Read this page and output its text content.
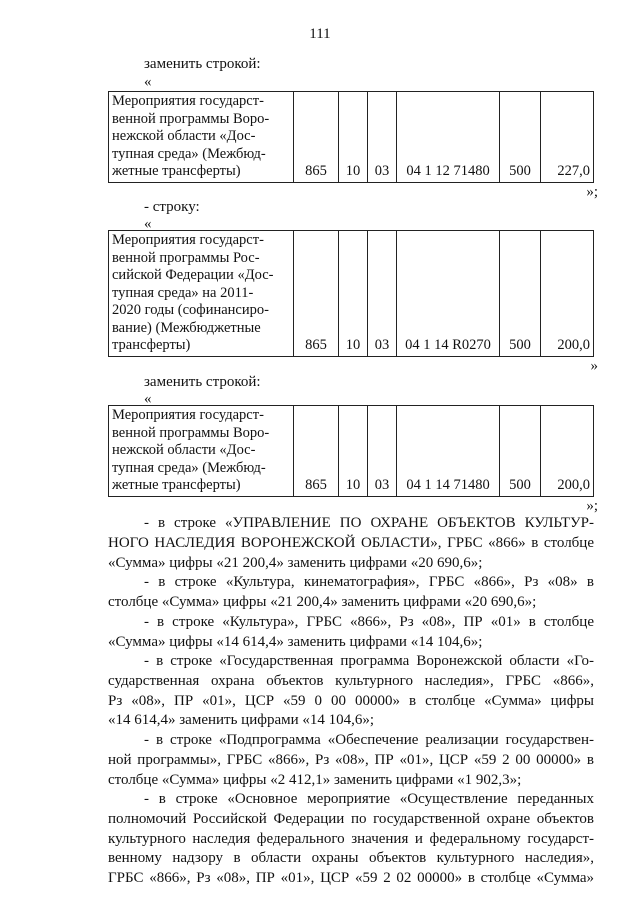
111
заменить строкой:
«
Мероприятия государст-
венной программы Воро-
нежской области «Дос-
тупная среда» (Межбюд-
жетные трансферты)	865	10	03	04 1 12 71480	500	227,0
»;
- строку:
«
Мероприятия государст-
венной программы Рос-
сийской Федерации «Дос-
тупная среда» на 2011-
2020 годы (софинансиро-
вание) (Межбюджетные
трансферты)	865	10	03	04 1 14 R0270	500	200,0
»
заменить строкой:
«
Мероприятия государст-
венной программы Воро-
нежской области «Дос-
тупная среда» (Межбюд-
жетные трансферты)	865	10	03	04 1 14 71480	500	200,0
»;
- в строке «УПРАВЛЕНИЕ ПО ОХРАНЕ ОБЪЕКТОВ КУЛЬТУР-
НОГО НАСЛЕДИЯ ВОРОНЕЖСКОЙ ОБЛАСТИ», ГРБС «866» в столбце
«Сумма» цифры «21 200,4» заменить цифрами «20 690,6»;
- в строке «Культура, кинематография», ГРБС «866», Рз «08» в
столбце «Сумма» цифры «21 200,4» заменить цифрами «20 690,6»;
- в строке «Культура», ГРБС «866», Рз «08», ПР «01» в столбце
«Сумма» цифры «14 614,4» заменить цифрами «14 104,6»;
- в строке «Государственная программа Воронежской области «Го-
сударственная охрана объектов культурного наследия», ГРБС «866»,
Рз «08», ПР «01», ЦСР «59 0 00 00000» в столбце «Сумма» цифры
«14 614,4» заменить цифрами «14 104,6»;
- в строке «Подпрограмма «Обеспечение реализации государствен-
ной программы», ГРБС «866», Рз «08», ПР «01», ЦСР «59 2 00 00000» в
столбце «Сумма» цифры «2 412,1» заменить цифрами «1 902,3»;
- в строке «Основное мероприятие «Осуществление переданных
полномочий Российской Федерации по государственной охране объектов
культурного наследия федерального значения и федеральному государст-
венному надзору в области охраны объектов культурного наследия»,
ГРБС «866», Рз «08», ПР «01», ЦСР «59 2 02 00000» в столбце «Сумма»
